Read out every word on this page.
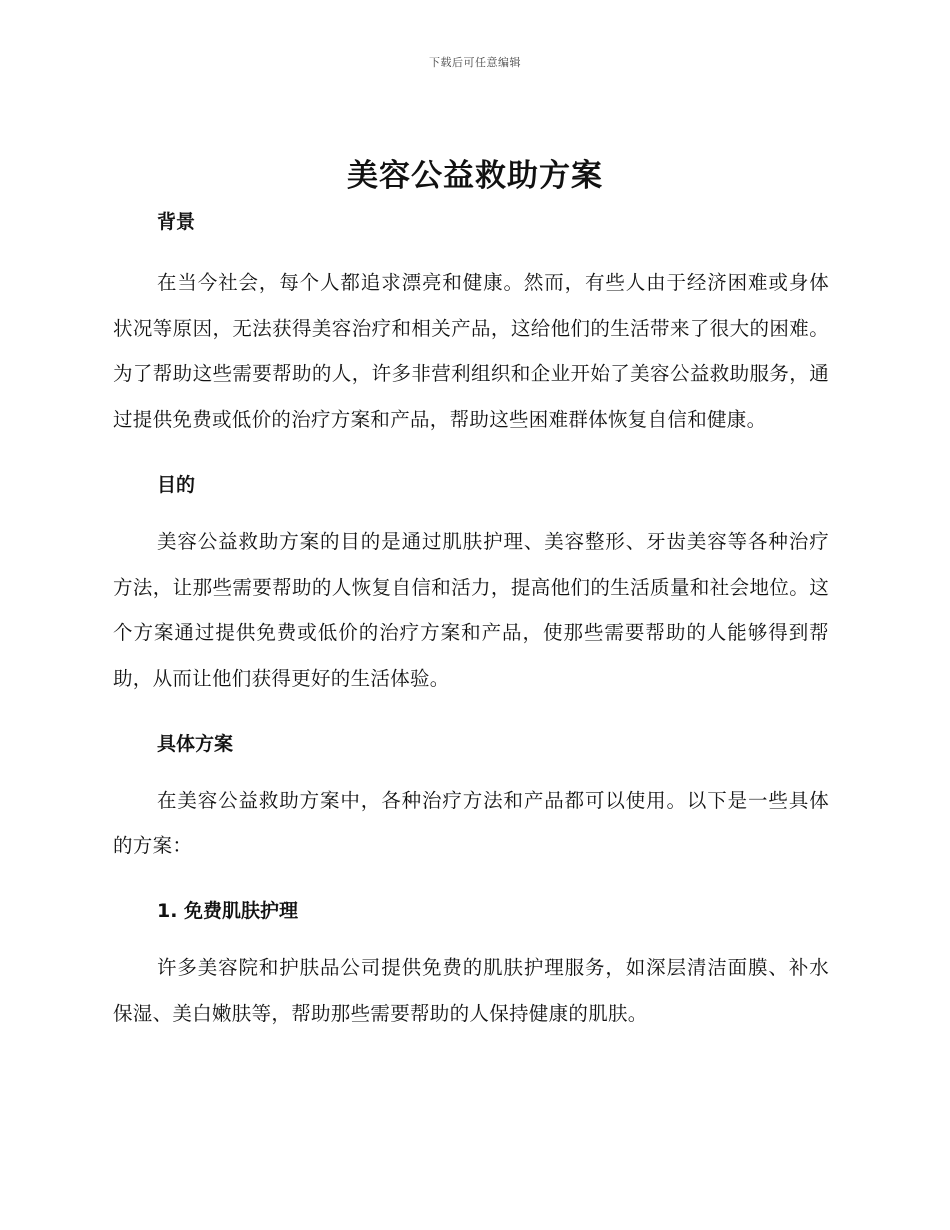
下载后可任意编辑
美容公益救助方案
背景

在当今社会，每个人都追求漂亮和健康。然而，有些人由于经济困难或身体状况等原因，无法获得美容治疗和相关产品，这给他们的生活带来了很大的困难。为了帮助这些需要帮助的人，许多非营利组织和企业开始了美容公益救助服务，通过提供免费或低价的治疗方案和产品，帮助这些困难群体恢复自信和健康。

目的

美容公益救助方案的目的是通过肌肤护理、美容整形、牙齿美容等各种治疗方法，让那些需要帮助的人恢复自信和活力，提高他们的生活质量和社会地位。这个方案通过提供免费或低价的治疗方案和产品，使那些需要帮助的人能够得到帮助，从而让他们获得更好的生活体验。

具体方案

在美容公益救助方案中，各种治疗方法和产品都可以使用。以下是一些具体的方案：

1. 免费肌肤护理

许多美容院和护肤品公司提供免费的肌肤护理服务，如深层清洁面膜、补水保湿、美白嫩肤等，帮助那些需要帮助的人保持健康的肌肤。
